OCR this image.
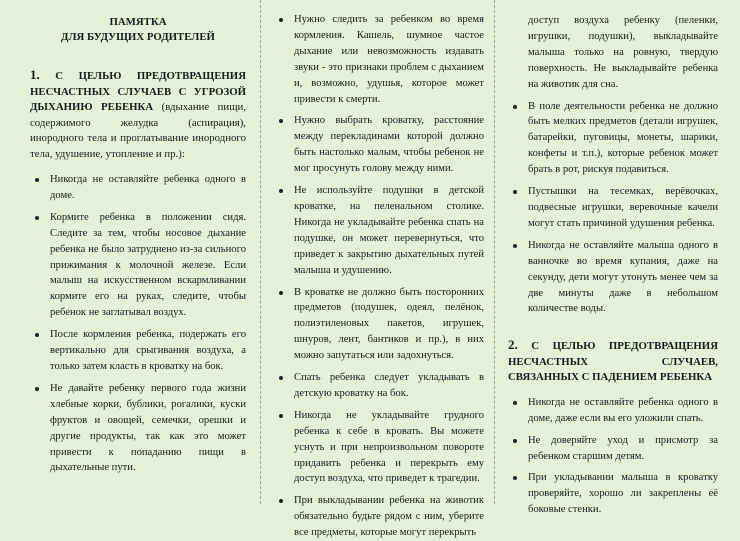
ПАМЯТКА
ДЛЯ БУДУЩИХ РОДИТЕЛЕЙ
1. С ЦЕЛЬЮ ПРЕДОТВРАЩЕНИЯ НЕСЧАСТНЫХ СЛУЧАЕВ С УГРОЗОЙ ДЫХАНИЮ РЕБЕНКА (вдыхание пищи, содержимого желудка (аспирация), инородного тела и проглатывание инородного тела, удушение, утопление и пр.):
Никогда не оставляйте ребенка одного в доме.
Кормите ребенка в положении сидя. Следите за тем, чтобы носовое дыхание ребенка не было затруднено из-за сильного прижимания к молочной железе. Если малыш на искусственном вскармливании кормите его на руках, следите, чтобы ребенок не заглатывал воздух.
После кормления ребенка, подержать его вертикально для срыгивания воздуха, а только затем класть в кроватку на бок.
Не давайте ребенку первого года жизни хлебные корки, бублики, рогалики, куски фруктов и овощей, семечки, орешки и другие продукты, так как это может привести к попаданию пищи в дыхательные пути.
Нужно следить за ребенком во время кормления. Кашель, шумное частое дыхание или невозможность издавать звуки - это признаки проблем с дыханием и, возможно, удушья, которое может привести к смерти.
Нужно выбрать кроватку, расстояние между перекладинами которой должно быть настолько малым, чтобы ребенок не мог просунуть голову между ними.
Не используйте подушки в детской кроватке, на пеленальном столике. Никогда не укладывайте ребенка спать на подушке, он может перевернуться, что приведет к закрытию дыхательных путей малыша и удушению.
В кроватке не должно быть посторонних предметов (подушек, одеял, пелёнок, полиэтиленовых пакетов, игрушек, шнуров, лент, бантиков и пр.), в них можно запутаться или задохнуться.
Спать ребенка следует укладывать в детскую кроватку на бок.
Никогда не укладывайте грудного ребенка к себе в кровать. Вы можете уснуть и при непроизвольном повороте придавить ребенка и перекрыть ему доступ воздуха, что приведет к трагедии.
При выкладывании ребенка на животик обязательно будьте рядом с ним, уберите все предметы, которые могут перекрыть
доступ воздуха ребенку (пеленки, игрушки, подушки), выкладывайте малыша только на ровную, твердую поверхность. Не выкладывайте ребенка на животик для сна.
В поле деятельности ребенка не должно быть мелких предметов (детали игрушек, батарейки, пуговицы, монеты, шарики, конфеты и т.п.), которые ребенок может брать в рот, рискуя подавиться.
Пустышки на тесемках, верёвочках, подвесные игрушки, веревочные качели могут стать причиной удушения ребенка.
Никогда не оставляйте малыша одного в ванночке во время купания, даже на секунду, дети могут утонуть менее чем за две минуты даже в небольшом количестве воды.
2. С ЦЕЛЬЮ ПРЕДОТВРАЩЕНИЯ НЕСЧАСТНЫХ СЛУЧАЕВ, СВЯЗАННЫХ С ПАДЕНИЕМ РЕБЕНКА
Никогда не оставляйте ребенка одного в доме, даже если вы его уложили спать.
Не доверяйте уход и присмотр за ребенком старшим детям.
При укладывании малыша в кроватку проверяйте, хорошо ли закреплены её боковые стенки.
